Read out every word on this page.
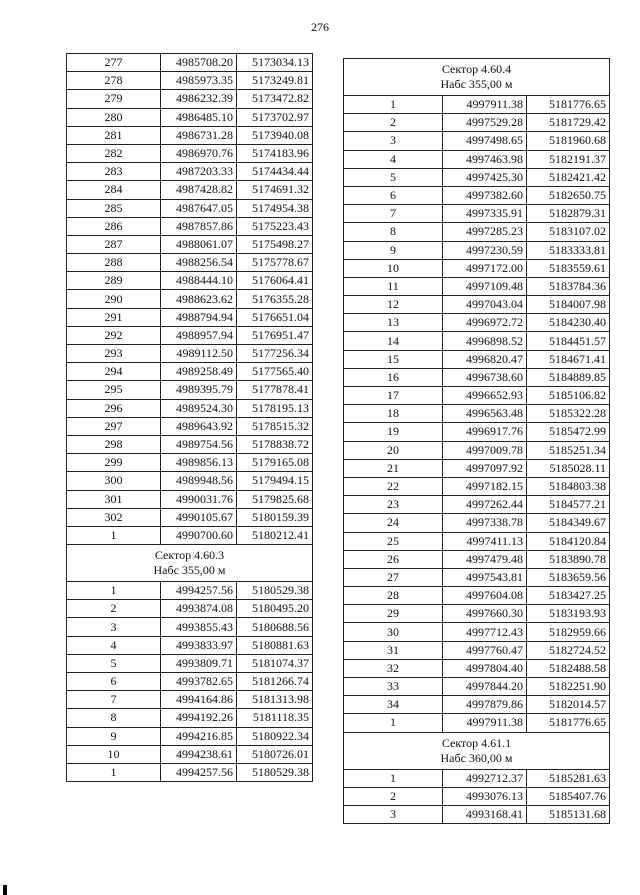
276
277	4985708.20	5173034.13
278	4985973.35	5173249.81
279	4986232.39	5173472.82
280	4986485.10	5173702.97
281	4986731.28	5173940.08
282	4986970.76	5174183.96
283	4987203.33	5174434.44
284	4987428.82	5174691.32
285	4987647.05	5174954.38
286	4987857.86	5175223.43
287	4988061.07	5175498.27
288	4988256.54	5175778.67
289	4988444.10	5176064.41
290	4988623.62	5176355.28
291	4988794.94	5176651.04
292	4988957.94	5176951.47
293	4989112.50	5177256.34
294	4989258.49	5177565.40
295	4989395.79	5177878.41
296	4989524.30	5178195.13
297	4989643.92	5178515.32
298	4989754.56	5178838.72
299	4989856.13	5179165.08
300	4989948.56	5179494.15
301	4990031.76	5179825.68
302	4990105.67	5180159.39
1	4990700.60	5180212.41

Сектор 4.60.3
Набс 355,00 м		

1	4994257.56	5180529.38
2	4993874.08	5180495.20
3	4993855.43	5180688.56
4	4993833.97	5180881.63
5	4993809.71	5181074.37
6	4993782.65	5181266.74
7	4994164.86	5181313.98
8	4994192.26	5181118.35
9	4994216.85	5180922.34
10	4994238.61	5180726.01
1	4994257.56	5180529.38
Сектор 4.60.4
Набс 355,00 м		

1	4997911.38	5181776.65
2	4997529.28	5181729.42
3	4997498.65	5181960.68
4	4997463.98	5182191.37
5	4997425.30	5182421.42
6	4997382.60	5182650.75
7	4997335.91	5182879.31
8	4997285.23	5183107.02
9	4997230.59	5183333.81
10	4997172.00	5183559.61
11	4997109.48	5183784.36
12	4997043.04	5184007.98
13	4996972.72	5184230.40
14	4996898.52	5184451.57
15	4996820.47	5184671.41
16	4996738.60	5184889.85
17	4996652.93	5185106.82
18	4996563.48	5185322.28
19	4996917.76	5185472.99
20	4997009.78	5185251.34
21	4997097.92	5185028.11
22	4997182.15	5184803.38
23	4997262.44	5184577.21
24	4997338.78	5184349.67
25	4997411.13	5184120.84
26	4997479.48	5183890.78
27	4997543.81	5183659.56
28	4997604.08	5183427.25
29	4997660.30	5183193.93
30	4997712.43	5182959.66
31	4997760.47	5182724.52
32	4997804.40	5182488.58
33	4997844.20	5182251.90
34	4997879.86	5182014.57
1	4997911.38	5181776.65

Сектор 4.61.1
Набс 360,00 м		

1	4992712.37	5185281.63
2	4993076.13	5185407.76
3	4993168.41	5185131.68
